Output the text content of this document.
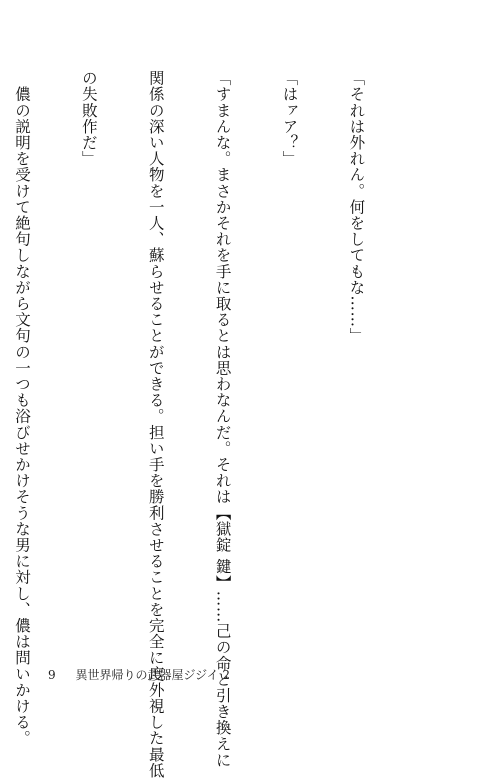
「それは外れん。何をしてもな……」

「はァア？」

「すまんな。まさかそれを手に取るとは思わなんだ。それは【獄錠 鍵】……己の命と引き換えに

関係の深い人物を一人、蘇らせることができる。担い手を勝利させることを完全に度外視した最低

の失敗作だ」

　儂の説明を受けて絶句しながら文句の一つも浴びせかけそうな男に対し、儂は問いかける。

9 異世界帰りの武器屋ジジイ 2
